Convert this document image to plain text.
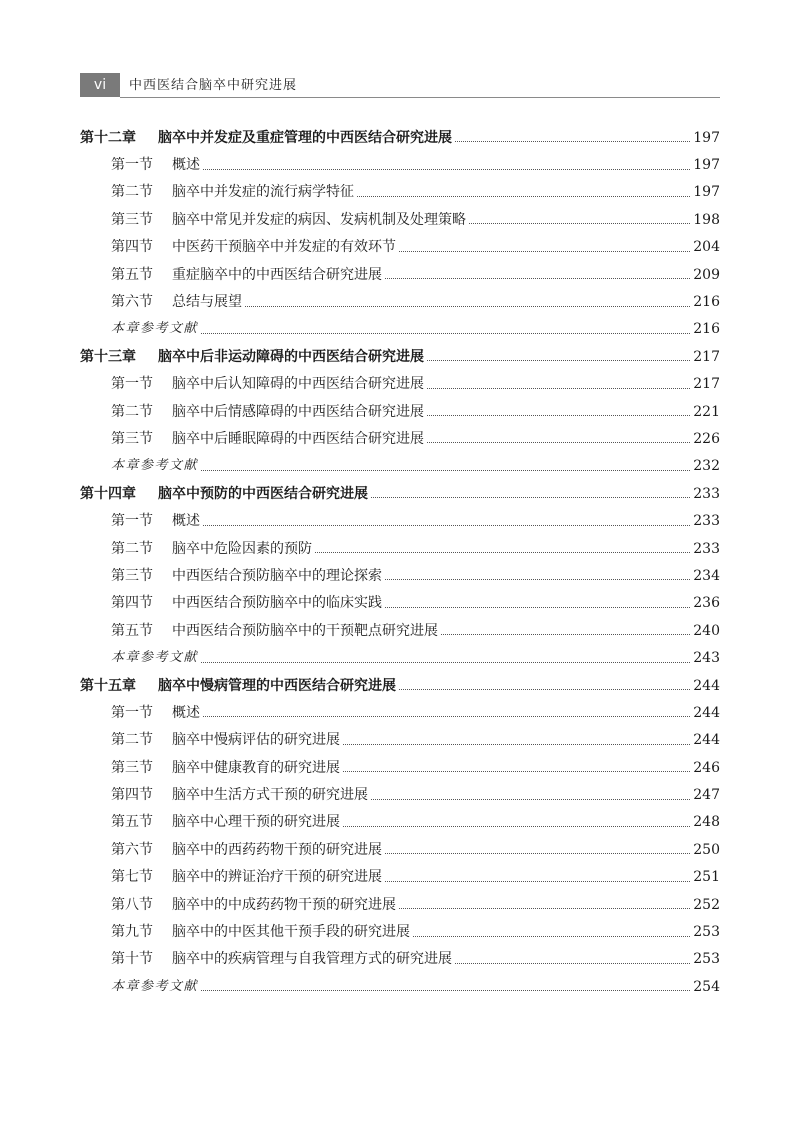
vi	中西医结合脑卒中研究进展
第十二章	脑卒中并发症及重症管理的中西医结合研究进展	197
第一节	概述	197
第二节	脑卒中并发症的流行病学特征	197
第三节	脑卒中常见并发症的病因、发病机制及处理策略	198
第四节	中医药干预脑卒中并发症的有效环节	204
第五节	重症脑卒中的中西医结合研究进展	209
第六节	总结与展望	216
本章参考文献	216
第十三章	脑卒中后非运动障碍的中西医结合研究进展	217
第一节	脑卒中后认知障碍的中西医结合研究进展	217
第二节	脑卒中后情感障碍的中西医结合研究进展	221
第三节	脑卒中后睡眠障碍的中西医结合研究进展	226
本章参考文献	232
第十四章	脑卒中预防的中西医结合研究进展	233
第一节	概述	233
第二节	脑卒中危险因素的预防	233
第三节	中西医结合预防脑卒中的理论探索	234
第四节	中西医结合预防脑卒中的临床实践	236
第五节	中西医结合预防脑卒中的干预靶点研究进展	240
本章参考文献	243
第十五章	脑卒中慢病管理的中西医结合研究进展	244
第一节	概述	244
第二节	脑卒中慢病评估的研究进展	244
第三节	脑卒中健康教育的研究进展	246
第四节	脑卒中生活方式干预的研究进展	247
第五节	脑卒中心理干预的研究进展	248
第六节	脑卒中的西药药物干预的研究进展	250
第七节	脑卒中的辨证治疗干预的研究进展	251
第八节	脑卒中的中成药药物干预的研究进展	252
第九节	脑卒中的中医其他干预手段的研究进展	253
第十节	脑卒中的疾病管理与自我管理方式的研究进展	253
本章参考文献	254
